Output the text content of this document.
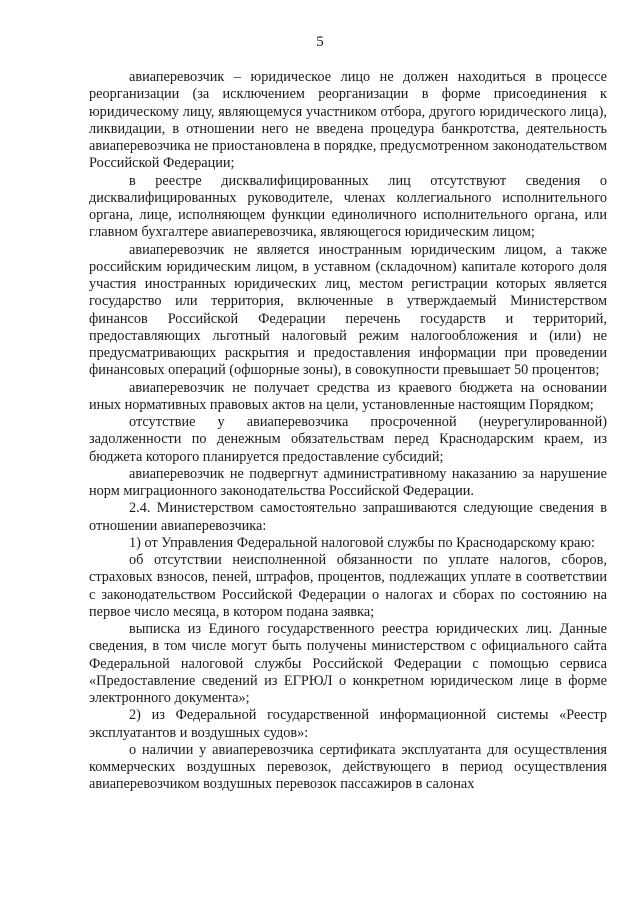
5

авиаперевозчик – юридическое лицо не должен находиться в процессе реорганизации (за исключением реорганизации в форме присоединения к юридическому лицу, являющемуся участником отбора, другого юридического лица), ликвидации, в отношении него не введена процедура банкротства, деятельность авиаперевозчика не приостановлена в порядке, предусмотренном законодательством Российской Федерации;

в реестре дисквалифицированных лиц отсутствуют сведения о дисквалифицированных руководителе, членах коллегиального исполнительного органа, лице, исполняющем функции единоличного исполнительного органа, или главном бухгалтере авиаперевозчика, являющегося юридическим лицом;

авиаперевозчик не является иностранным юридическим лицом, а также российским юридическим лицом, в уставном (складочном) капитале которого доля участия иностранных юридических лиц, местом регистрации которых является государство или территория, включенные в утверждаемый Министерством финансов Российской Федерации перечень государств и территорий, предоставляющих льготный налоговый режим налогообложения и (или) не предусматривающих раскрытия и предоставления информации при проведении финансовых операций (офшорные зоны), в совокупности превышает 50 процентов;

авиаперевозчик не получает средства из краевого бюджета на основании иных нормативных правовых актов на цели, установленные настоящим Порядком;

отсутствие у авиаперевозчика просроченной (неурегулированной) задолженности по денежным обязательствам перед Краснодарским краем, из бюджета которого планируется предоставление субсидий;

авиаперевозчик не подвергнут административному наказанию за нарушение норм миграционного законодательства Российской Федерации.

2.4. Министерством самостоятельно запрашиваются следующие сведения в отношении авиаперевозчика:

1) от Управления Федеральной налоговой службы по Краснодарскому краю:

об отсутствии неисполненной обязанности по уплате налогов, сборов, страховых взносов, пеней, штрафов, процентов, подлежащих уплате в соответствии с законодательством Российской Федерации о налогах и сборах по состоянию на первое число месяца, в котором подана заявка;

выписка из Единого государственного реестра юридических лиц. Данные сведения, в том числе могут быть получены министерством с официального сайта Федеральной налоговой службы Российской Федерации с помощью сервиса «Предоставление сведений из ЕГРЮЛ о конкретном юридическом лице в форме электронного документа»;

2) из Федеральной государственной информационной системы «Реестр эксплуатантов и воздушных судов»:

о наличии у авиаперевозчика сертификата эксплуатанта для осуществления коммерческих воздушных перевозок, действующего в период осуществления авиаперевозчиком воздушных перевозок пассажиров в салонах
